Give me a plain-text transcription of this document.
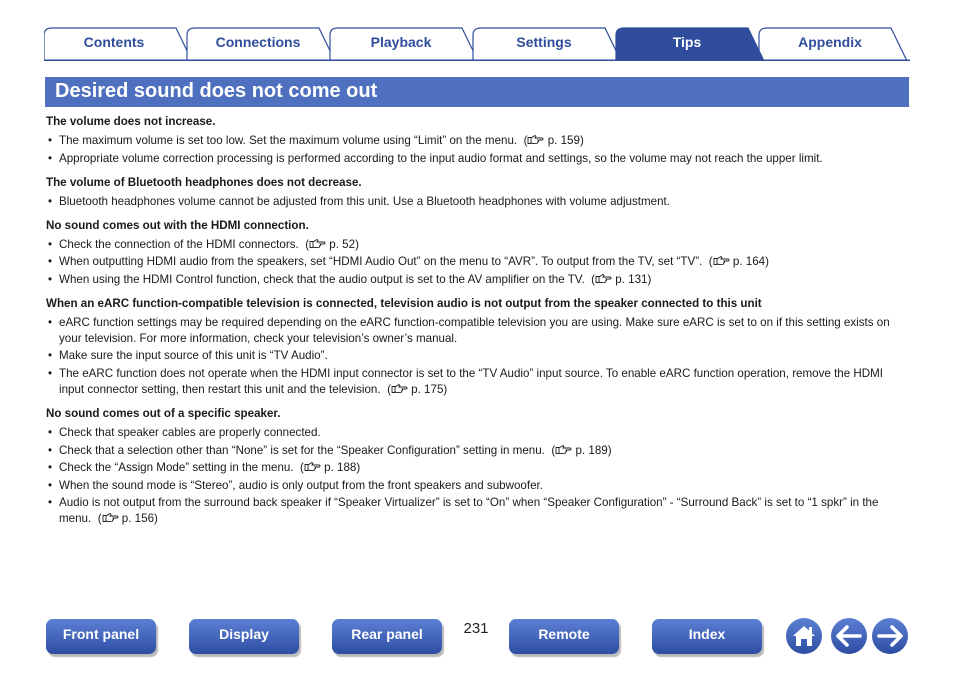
Contents	Connections	Playback	Settings	Tips	Appendix
Desired sound does not come out
The volume does not increase.
• The maximum volume is set too low. Set the maximum volume using “Limit” on the menu. ( p. 159)
• Appropriate volume correction processing is performed according to the input audio format and settings, so the volume may not reach the upper limit.
The volume of Bluetooth headphones does not decrease.
• Bluetooth headphones volume cannot be adjusted from this unit. Use a Bluetooth headphones with volume adjustment.
No sound comes out with the HDMI connection.
• Check the connection of the HDMI connectors. ( p. 52)
• When outputting HDMI audio from the speakers, set “HDMI Audio Out” on the menu to “AVR”. To output from the TV, set “TV”. ( p. 164)
• When using the HDMI Control function, check that the audio output is set to the AV amplifier on the TV. ( p. 131)
When an eARC function-compatible television is connected, television audio is not output from the speaker connected to this unit
• eARC function settings may be required depending on the eARC function-compatible television you are using. Make sure eARC is set to on if this setting exists on your television. For more information, check your television’s owner’s manual.
• Make sure the input source of this unit is “TV Audio”.
• The eARC function does not operate when the HDMI input connector is set to the “TV Audio” input source. To enable eARC function operation, remove the HDMI input connector setting, then restart this unit and the television. ( p. 175)
No sound comes out of a specific speaker.
• Check that speaker cables are properly connected.
• Check that a selection other than “None” is set for the “Speaker Configuration” setting in menu. ( p. 189)
• Check the “Assign Mode” setting in the menu. ( p. 188)
• When the sound mode is “Stereo”, audio is only output from the front speakers and subwoofer.
• Audio is not output from the surround back speaker if “Speaker Virtualizer” is set to “On” when “Speaker Configuration” - “Surround Back” is set to “1 spkr” in the menu. ( p. 156)
Front panel	Display	Rear panel	231	Remote	Index
